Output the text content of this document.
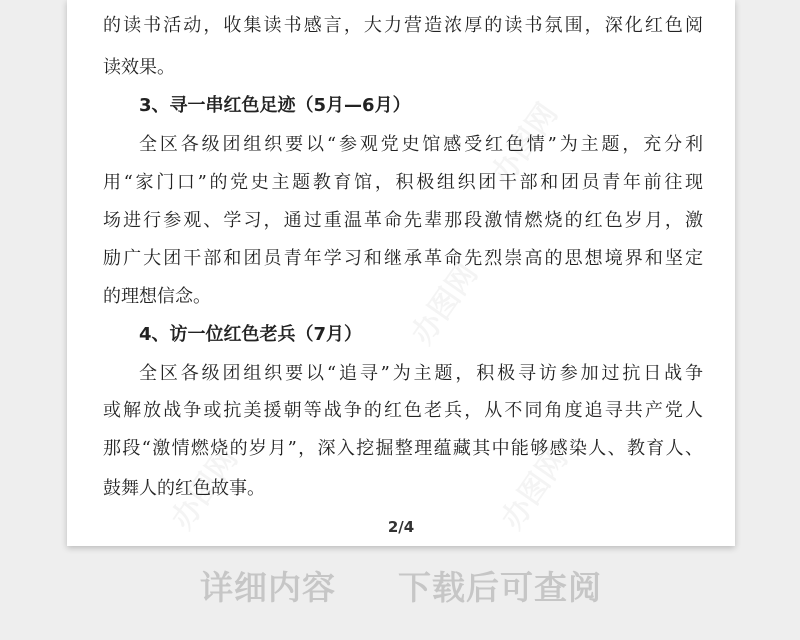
的读书活动，收集读书感言，大力营造浓厚的读书氛围，深化红色阅

读效果。

3、寻一串红色足迹（5月—6月）

全区各级团组织要以“参观党史馆感受红色情”为主题，充分利

用“家门口”的党史主题教育馆，积极组织团干部和团员青年前往现

场进行参观、学习，通过重温革命先辈那段激情燃烧的红色岁月，激

励广大团干部和团员青年学习和继承革命先烈崇高的思想境界和坚定

的理想信念。

4、访一位红色老兵（7月）

全区各级团组织要以“追寻”为主题，积极寻访参加过抗日战争

或解放战争或抗美援朝等战争的红色老兵，从不同角度追寻共产党人

那段“激情燃烧的岁月”，深入挖掘整理蕴藏其中能够感染人、教育人、

鼓舞人的红色故事。

2/4
详细内容 下载后可查阅
